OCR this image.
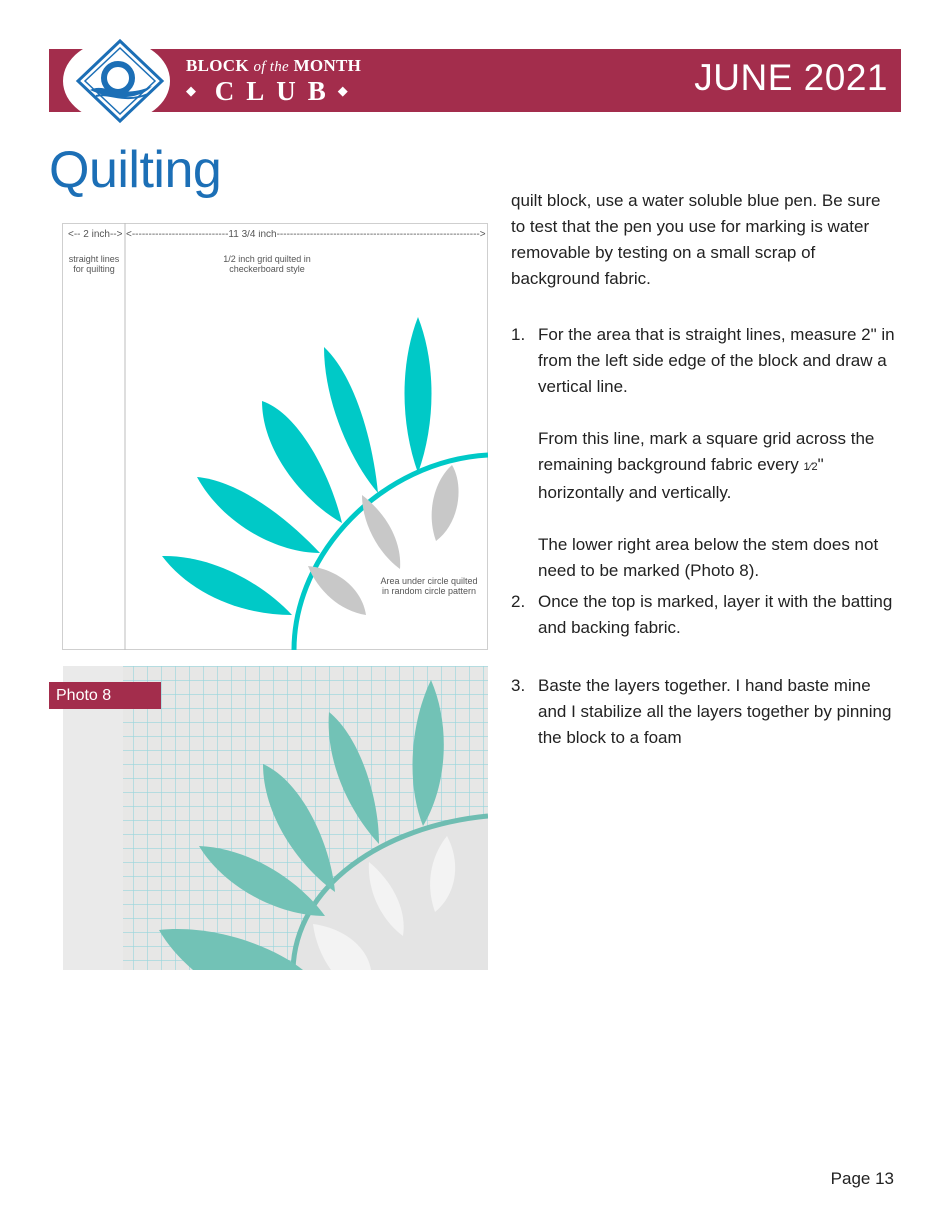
BLOCK of the MONTH
◆ CLUB◆	JUNE 2021
Quilting
<-- 2 inch--> <-----------------------------11 3/4 inch------------------------------------------------------------->
straight lines
for quilting
1/2 inch grid quilted in
checkerboard style
Area under circle quilted
in random circle pattern
Photo 8

quilt block, use a water soluble blue pen. Be sure to test that the pen you use for marking is water removable by testing on a small scrap of background fabric.

1. For the area that is straight lines, measure 2" in from the left side edge of the block and draw a vertical line.

From this line, mark a square grid across the remaining background fabric every 1⁄2" horizontally and vertically.

The lower right area below the stem does not need to be marked (Photo 8).

2. Once the top is marked, layer it with the batting and backing fabric.

3. Baste the layers together. I hand baste mine and I stabilize all the layers together by pinning the block to a foam

Page 13
